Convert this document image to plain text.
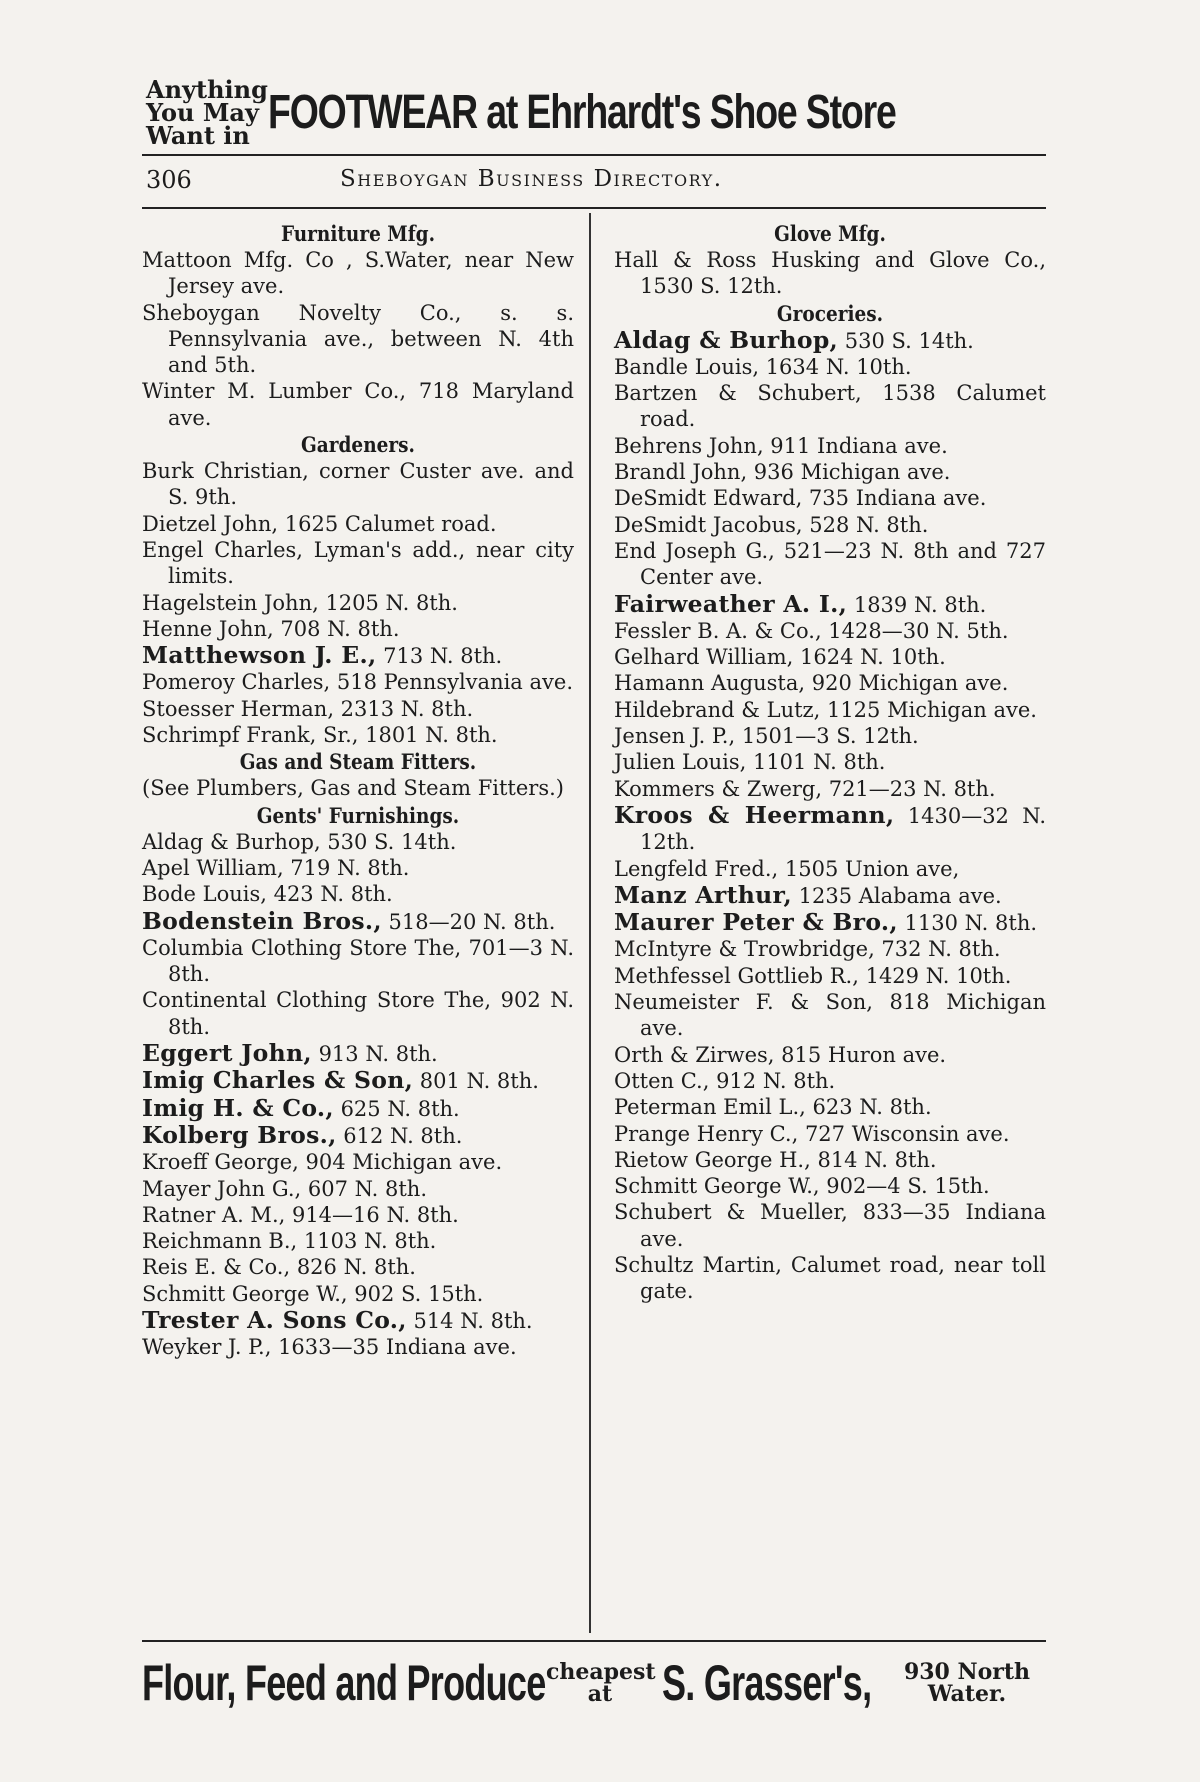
Anything You May Want in FOOTWEAR at Ehrhardt's Shoe Store
306	Sheboygan Business Directory.
Furniture Mfg.
Mattoon Mfg. Co , S.Water, near New Jersey ave.
Sheboygan Novelty Co., s. s. Pennsylvania ave., between N. 4th and 5th.
Winter M. Lumber Co., 718 Maryland ave.
Gardeners.
Burk Christian, corner Custer ave. and S. 9th.
Dietzel John, 1625 Calumet road.
Engel Charles, Lyman's add., near city limits.
Hagelstein John, 1205 N. 8th.
Henne John, 708 N. 8th.
Matthewson J. E., 713 N. 8th.
Pomeroy Charles, 518 Pennsylvania ave.
Stoesser Herman, 2313 N. 8th.
Schrimpf Frank, Sr., 1801 N. 8th.
Gas and Steam Fitters.
(See Plumbers, Gas and Steam Fitters.)
Gents' Furnishings.
Aldag & Burhop, 530 S. 14th.
Apel William, 719 N. 8th.
Bode Louis, 423 N. 8th.
Bodenstein Bros., 518—20 N. 8th.
Columbia Clothing Store The, 701—3 N. 8th.
Continental Clothing Store The, 902 N. 8th.
Eggert John, 913 N. 8th.
Imig Charles & Son, 801 N. 8th.
Imig H. & Co., 625 N. 8th.
Kolberg Bros., 612 N. 8th.
Kroeff George, 904 Michigan ave.
Mayer John G., 607 N. 8th.
Ratner A. M., 914—16 N. 8th.
Reichmann B., 1103 N. 8th.
Reis E. & Co., 826 N. 8th.
Schmitt George W., 902 S. 15th.
Trester A. Sons Co., 514 N. 8th.
Weyker J. P., 1633—35 Indiana ave.
Glove Mfg.
Hall & Ross Husking and Glove Co., 1530 S. 12th.
Groceries.
Aldag & Burhop, 530 S. 14th.
Bandle Louis, 1634 N. 10th.
Bartzen & Schubert, 1538 Calumet road.
Behrens John, 911 Indiana ave.
Brandl John, 936 Michigan ave.
DeSmidt Edward, 735 Indiana ave.
DeSmidt Jacobus, 528 N. 8th.
End Joseph G., 521—23 N. 8th and 727 Center ave.
Fairweather A. I., 1839 N. 8th.
Fessler B. A. & Co., 1428—30 N. 5th.
Gelhard William, 1624 N. 10th.
Hamann Augusta, 920 Michigan ave.
Hildebrand & Lutz, 1125 Michigan ave.
Jensen J. P., 1501—3 S. 12th.
Julien Louis, 1101 N. 8th.
Kommers & Zwerg, 721—23 N. 8th.
Kroos & Heermann, 1430—32 N. 12th.
Lengfeld Fred., 1505 Union ave,
Manz Arthur, 1235 Alabama ave.
Maurer Peter & Bro., 1130 N. 8th.
McIntyre & Trowbridge, 732 N. 8th.
Methfessel Gottlieb R., 1429 N. 10th.
Neumeister F. & Son, 818 Michigan ave.
Orth & Zirwes, 815 Huron ave.
Otten C., 912 N. 8th.
Peterman Emil L., 623 N. 8th.
Prange Henry C., 727 Wisconsin ave.
Rietow George H., 814 N. 8th.
Schmitt George W., 902—4 S. 15th.
Schubert & Mueller, 833—35 Indiana ave.
Schultz Martin, Calumet road, near toll gate.
Flour, Feed and Produce cheapest at S. Grasser's, 930 North Water.
